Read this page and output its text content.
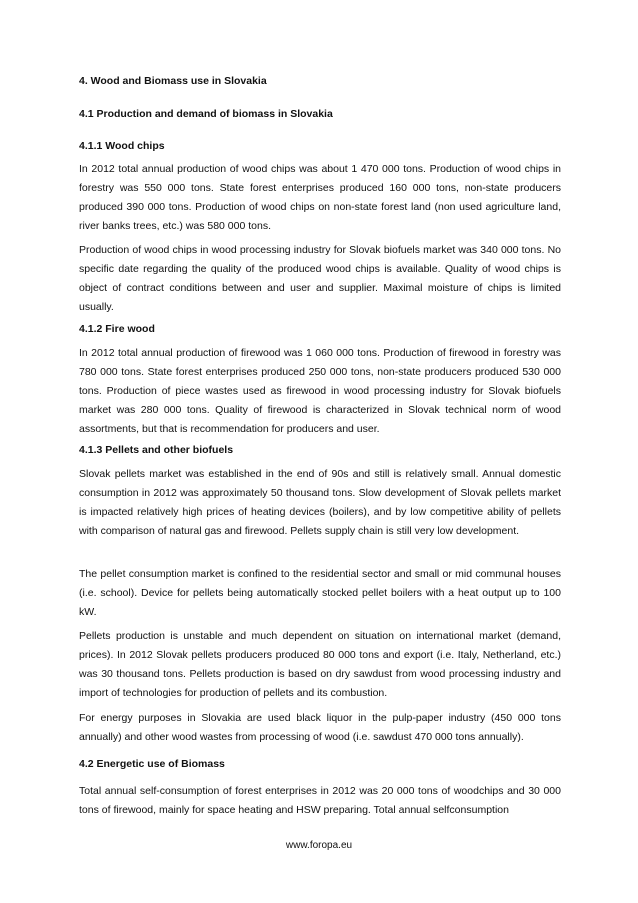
4. Wood and Biomass use in Slovakia

4.1 Production and demand of biomass in Slovakia

4.1.1 Wood chips

In 2012 total annual production of wood chips was about 1 470 000 tons. Production of wood chips in forestry was 550 000 tons. State forest enterprises produced 160 000 tons, non-state producers produced 390 000 tons. Production of wood chips on non-state forest land (non used agriculture land, river banks trees, etc.) was 580 000 tons.

Production of wood chips in wood processing industry for Slovak biofuels market was 340 000 tons. No specific date regarding the quality of the produced wood chips is available. Quality of wood chips is object of contract conditions between and user and supplier. Maximal moisture of chips is limited usually.

4.1.2 Fire wood

In 2012 total annual production of firewood was 1 060 000 tons. Production of firewood in forestry was 780 000 tons. State forest enterprises produced 250 000 tons, non-state producers produced 530 000 tons. Production of piece wastes used as firewood in wood processing industry for Slovak biofuels market was 280 000 tons. Quality of firewood is characterized in Slovak technical norm of wood assortments, but that is recommendation for producers and user.

4.1.3 Pellets and other biofuels

Slovak pellets market was established in the end of 90s and still is relatively small. Annual domestic consumption in 2012 was approximately 50 thousand tons. Slow development of Slovak pellets market is impacted relatively high prices of heating devices (boilers), and by low competitive ability of pellets with comparison of natural gas and firewood. Pellets supply chain is still very low development.

The pellet consumption market is confined to the residential sector and small or mid communal houses (i.e. school). Device for pellets being automatically stocked pellet boilers with a heat output up to 100 kW.

Pellets production is unstable and much dependent on situation on international market (demand, prices). In 2012 Slovak pellets producers produced 80 000 tons and export (i.e. Italy, Netherland, etc.) was 30 thousand tons. Pellets production is based on dry sawdust from wood processing industry and import of technologies for production of pellets and its combustion.

For energy purposes in Slovakia are used black liquor in the pulp-paper industry (450 000 tons annually) and other wood wastes from processing of wood (i.e. sawdust 470 000 tons annually).

4.2 Energetic use of Biomass

Total annual self-consumption of forest enterprises in 2012 was 20 000 tons of woodchips and 30 000 tons of firewood, mainly for space heating and HSW preparing. Total annual selfconsumption

www.foropa.eu
